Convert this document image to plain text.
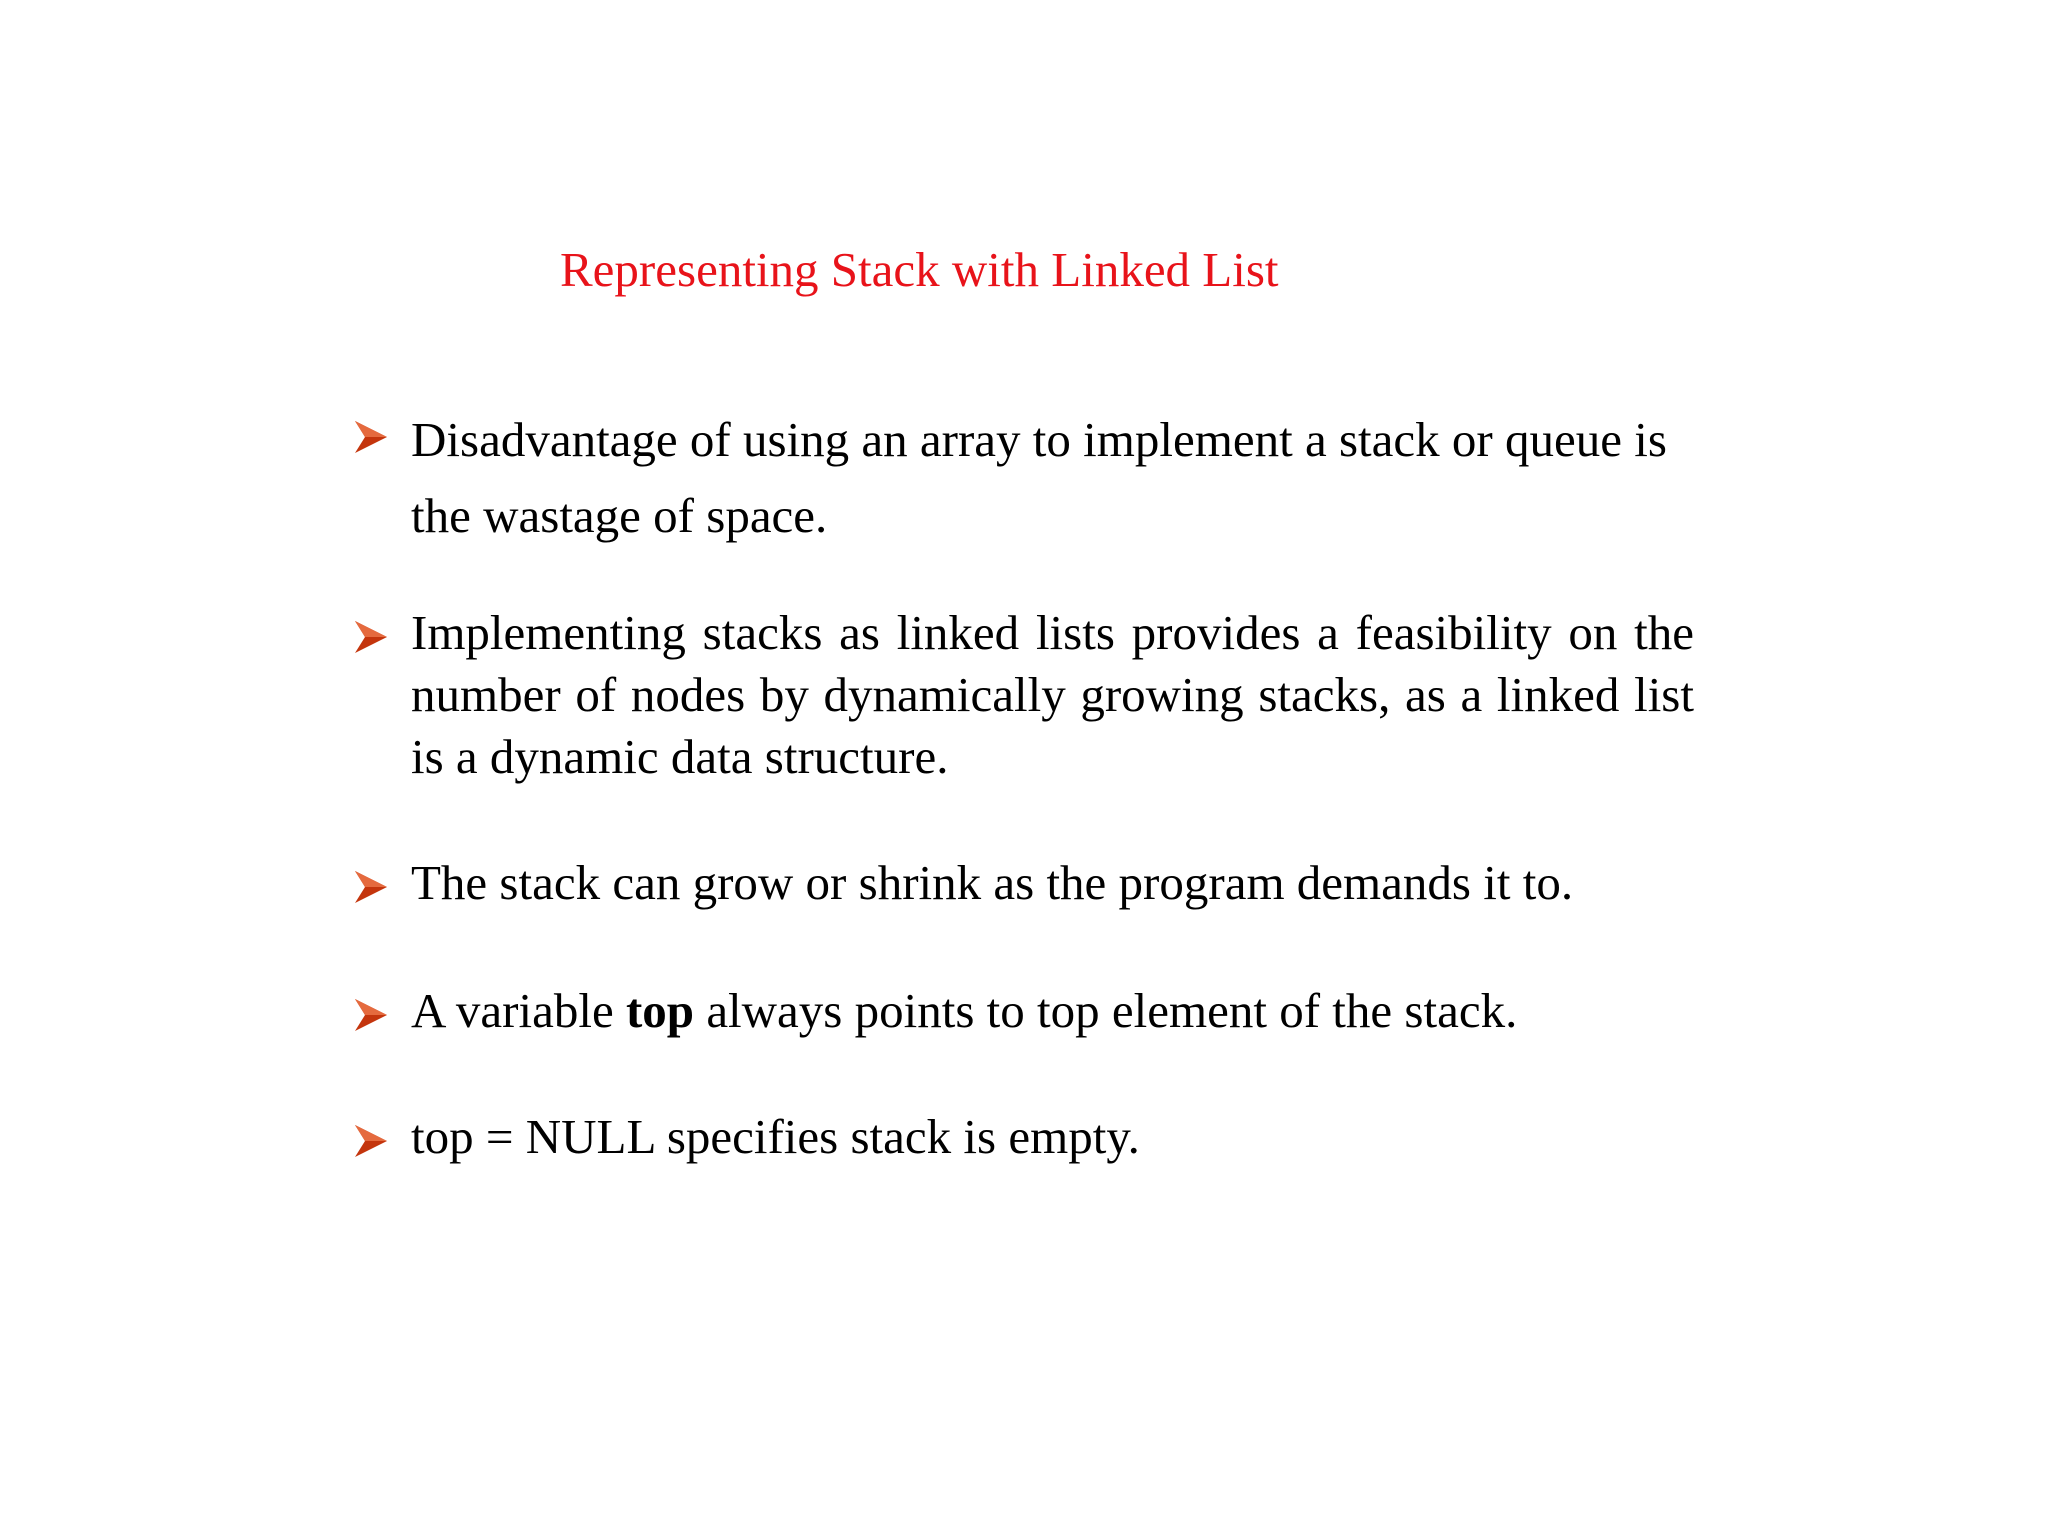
Representing Stack with Linked List
Disadvantage of using an array to implement a stack or queue is the wastage of space.
Implementing stacks as linked lists provides a feasibility on the number of nodes by dynamically growing stacks, as a linked list is a dynamic data structure.
The stack can grow or shrink as the program demands it to.
A variable top always points to top element of the stack.
top = NULL specifies stack is empty.
